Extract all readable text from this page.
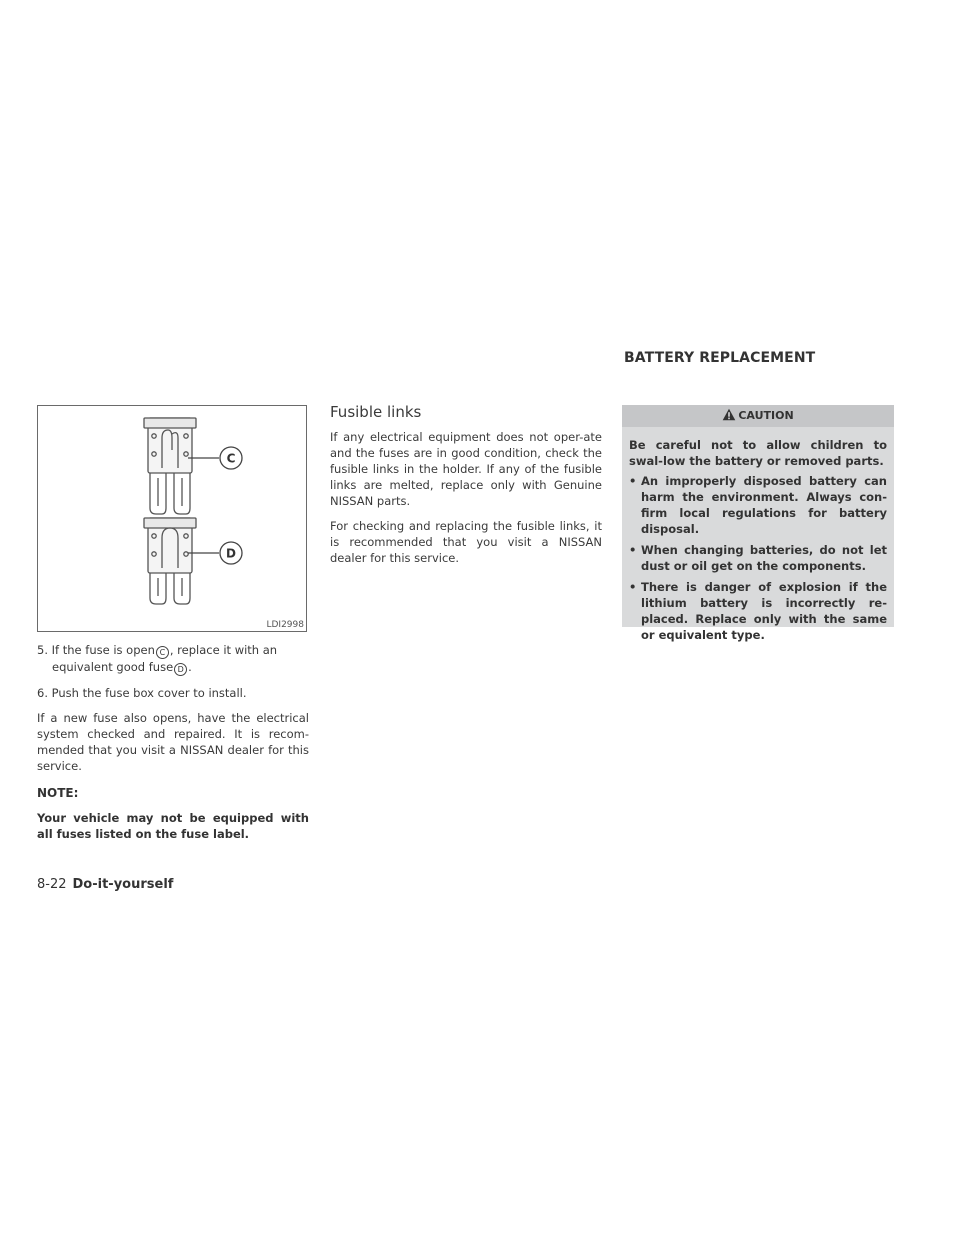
BATTERY REPLACEMENT
C
D
LDI2998
5. If the fuse is open C , replace it with an equivalent good fuse D .
6. Push the fuse box cover to install.
If a new fuse also opens, have the electrical system checked and repaired. It is recom-mended that you visit a NISSAN dealer for this service.
NOTE:
Your vehicle may not be equipped with all fuses listed on the fuse label.
Fusible links
If any electrical equipment does not oper-ate and the fuses are in good condition, check the fusible links in the holder. If any of the fusible links are melted, replace only with Genuine NISSAN parts.
For checking and replacing the fusible links, it is recommended that you visit a NISSAN dealer for this service.
CAUTION
Be careful not to allow children to swal-low the battery or removed parts.
• An improperly disposed battery can harm the environment. Always con-firm local regulations for battery disposal.
• When changing batteries, do not let dust or oil get on the components.
• There is danger of explosion if the lithium battery is incorrectly re-placed. Replace only with the same or equivalent type.
8-22 Do-it-yourself
